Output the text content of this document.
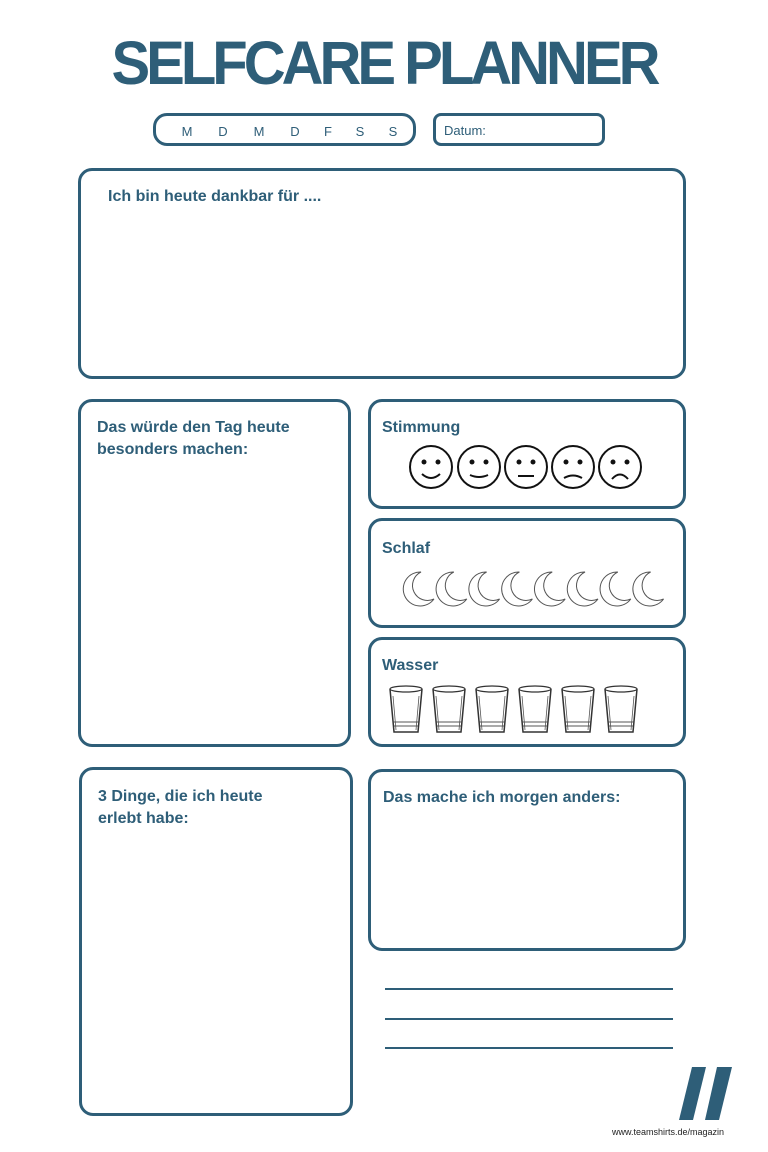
SELFCARE PLANNER
M	D	M	D	F	S	S	Datum:
Ich bin heute dankbar für ....
Das würde den Tag heute
besonders machen:
Stimmung
Schlaf
Wasser
3 Dinge, die ich heute
erlebt habe:
Das mache ich morgen anders:
www.teamshirts.de/magazin
